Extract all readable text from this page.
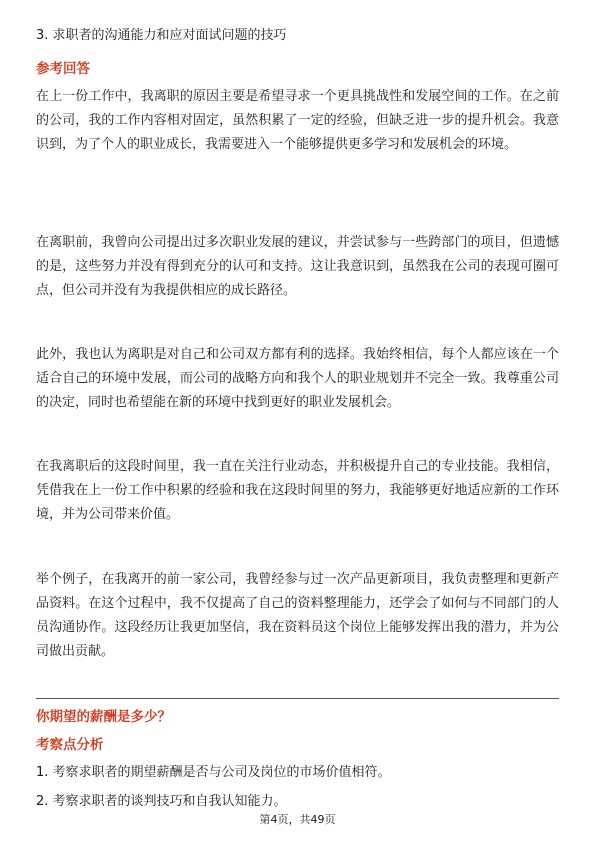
3. 求职者的沟通能力和应对面试问题的技巧
参考回答

在上一份工作中，我离职的原因主要是希望寻求一个更具挑战性和发展空间的工作。在之前的公司，我的工作内容相对固定，虽然积累了一定的经验，但缺乏进一步的提升机会。我意识到，为了个人的职业成长，我需要进入一个能够提供更多学习和发展机会的环境。

在离职前，我曾向公司提出过多次职业发展的建议，并尝试参与一些跨部门的项目，但遗憾的是，这些努力并没有得到充分的认可和支持。这让我意识到，虽然我在公司的表现可圈可点，但公司并没有为我提供相应的成长路径。

此外，我也认为离职是对自己和公司双方都有利的选择。我始终相信，每个人都应该在一个适合自己的环境中发展，而公司的战略方向和我个人的职业规划并不完全一致。我尊重公司的决定，同时也希望能在新的环境中找到更好的职业发展机会。

在我离职后的这段时间里，我一直在关注行业动态，并积极提升自己的专业技能。我相信，凭借我在上一份工作中积累的经验和我在这段时间里的努力，我能够更好地适应新的工作环境，并为公司带来价值。

举个例子，在我离开的前一家公司，我曾经参与过一次产品更新项目，我负责整理和更新产品资料。在这个过程中，我不仅提高了自己的资料整理能力，还学会了如何与不同部门的人员沟通协作。这段经历让我更加坚信，我在资料员这个岗位上能够发挥出我的潜力，并为公司做出贡献。

你期望的薪酬是多少？
考察点分析
1. 考察求职者的期望薪酬是否与公司及岗位的市场价值相符。
2. 考察求职者的谈判技巧和自我认知能力。
第4页，共49页
